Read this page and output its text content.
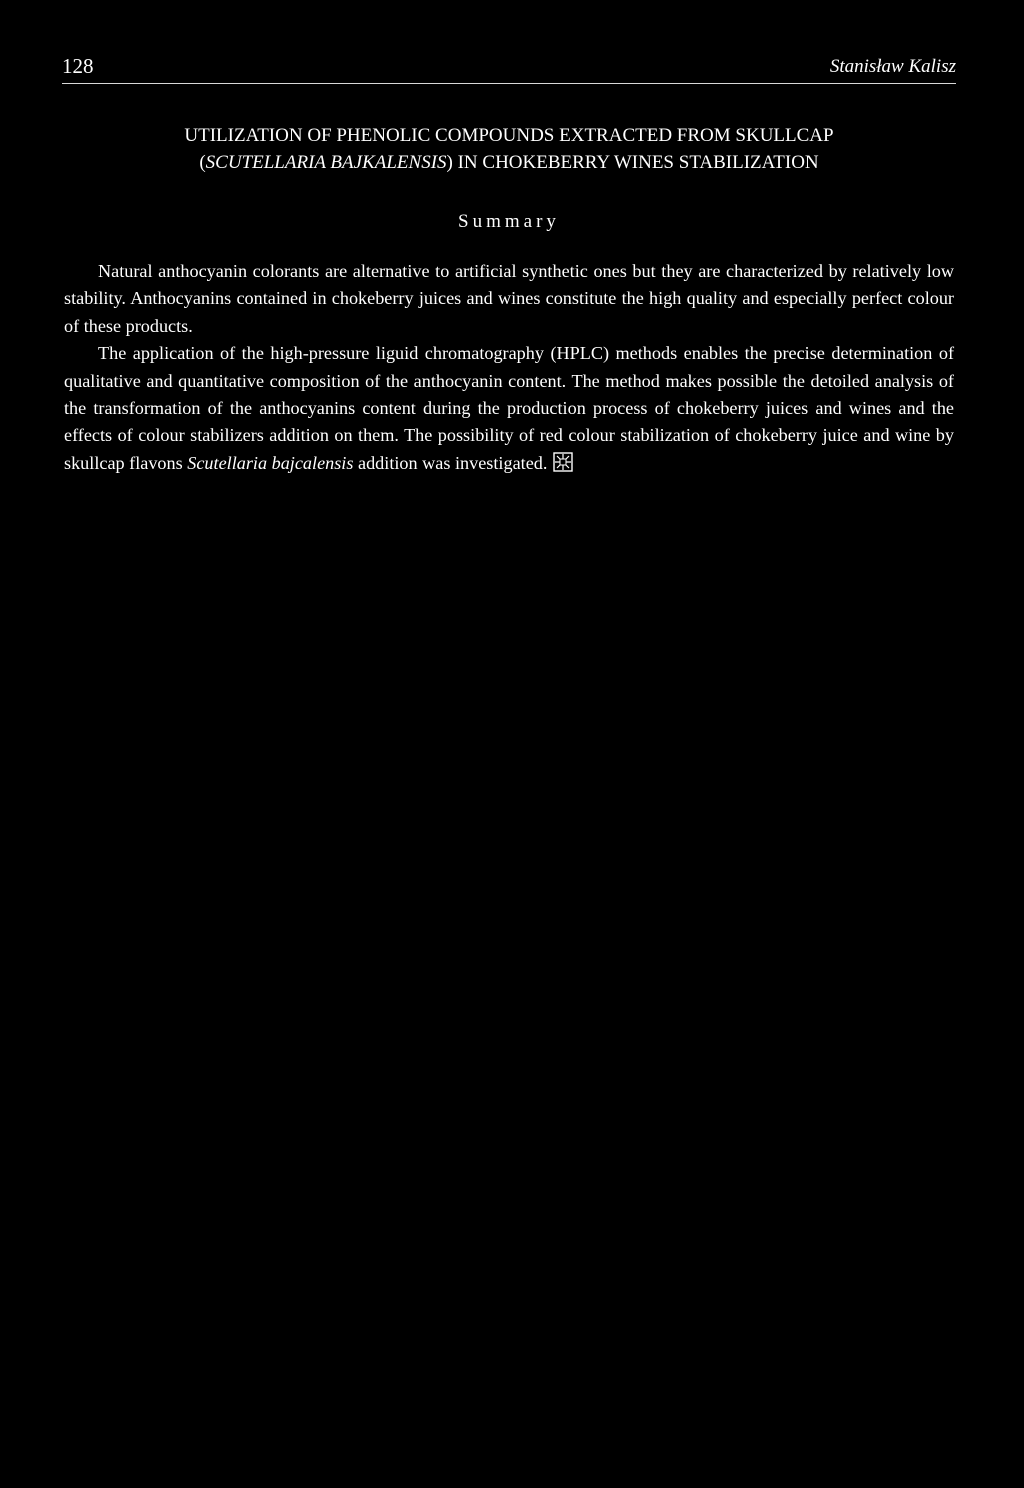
128	Stanisław Kalisz
UTILIZATION OF PHENOLIC COMPOUNDS EXTRACTED FROM SKULLCAP
(SCUTELLARIA BAJKALENSIS) IN CHOKEBERRY WINES STABILIZATION
Summary

Natural anthocyanin colorants are alternative to artificial synthetic ones but they are characterized by relatively low stability. Anthocyanins contained in chokeberry juices and wines constitute the high quality and especially perfect colour of these products.

The application of the high-pressure liguid chromatography (HPLC) methods enables the precise determination of qualitative and quantitative composition of the anthocyanin content. The method makes possible the detoiled analysis of the transformation of the anthocyanins content during the production process of chokeberry juices and wines and the effects of colour stabilizers addition on them. The possibility of red colour stabilization of chokeberry juice and wine by skullcap flavons Scutellaria bajcalensis addition was investigated.
